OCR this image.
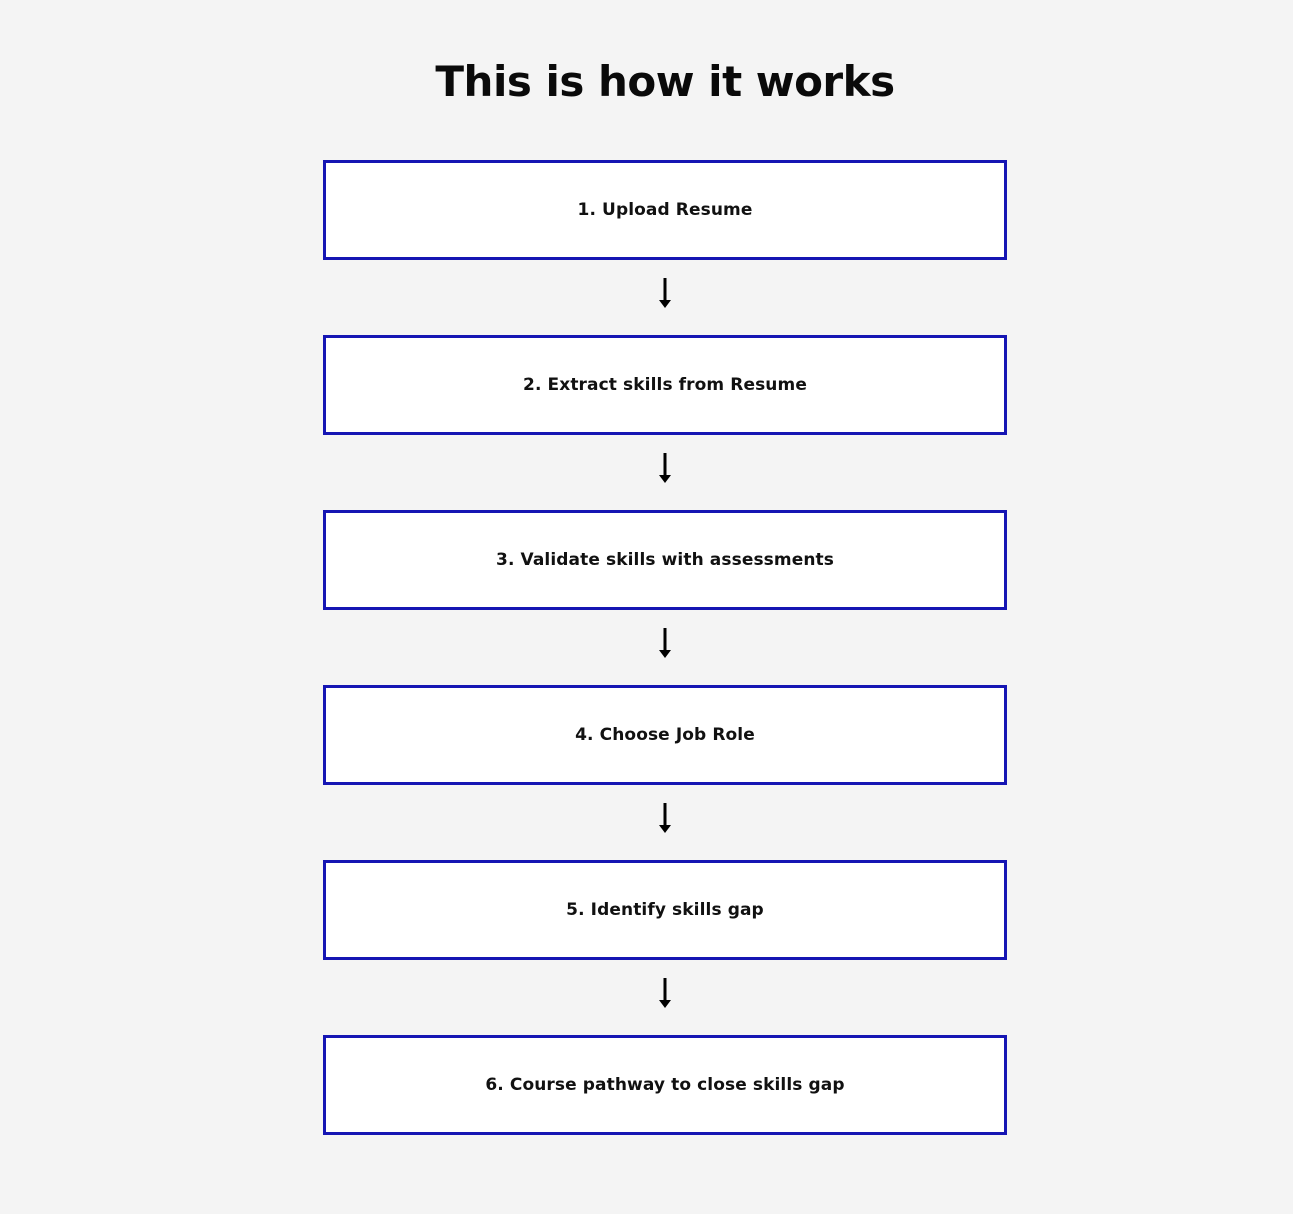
This is how it works
1. Upload Resume
2. Extract skills from Resume
3. Validate skills with assessments
4. Choose Job Role
5. Identify skills gap
6. Course pathway to close skills gap
